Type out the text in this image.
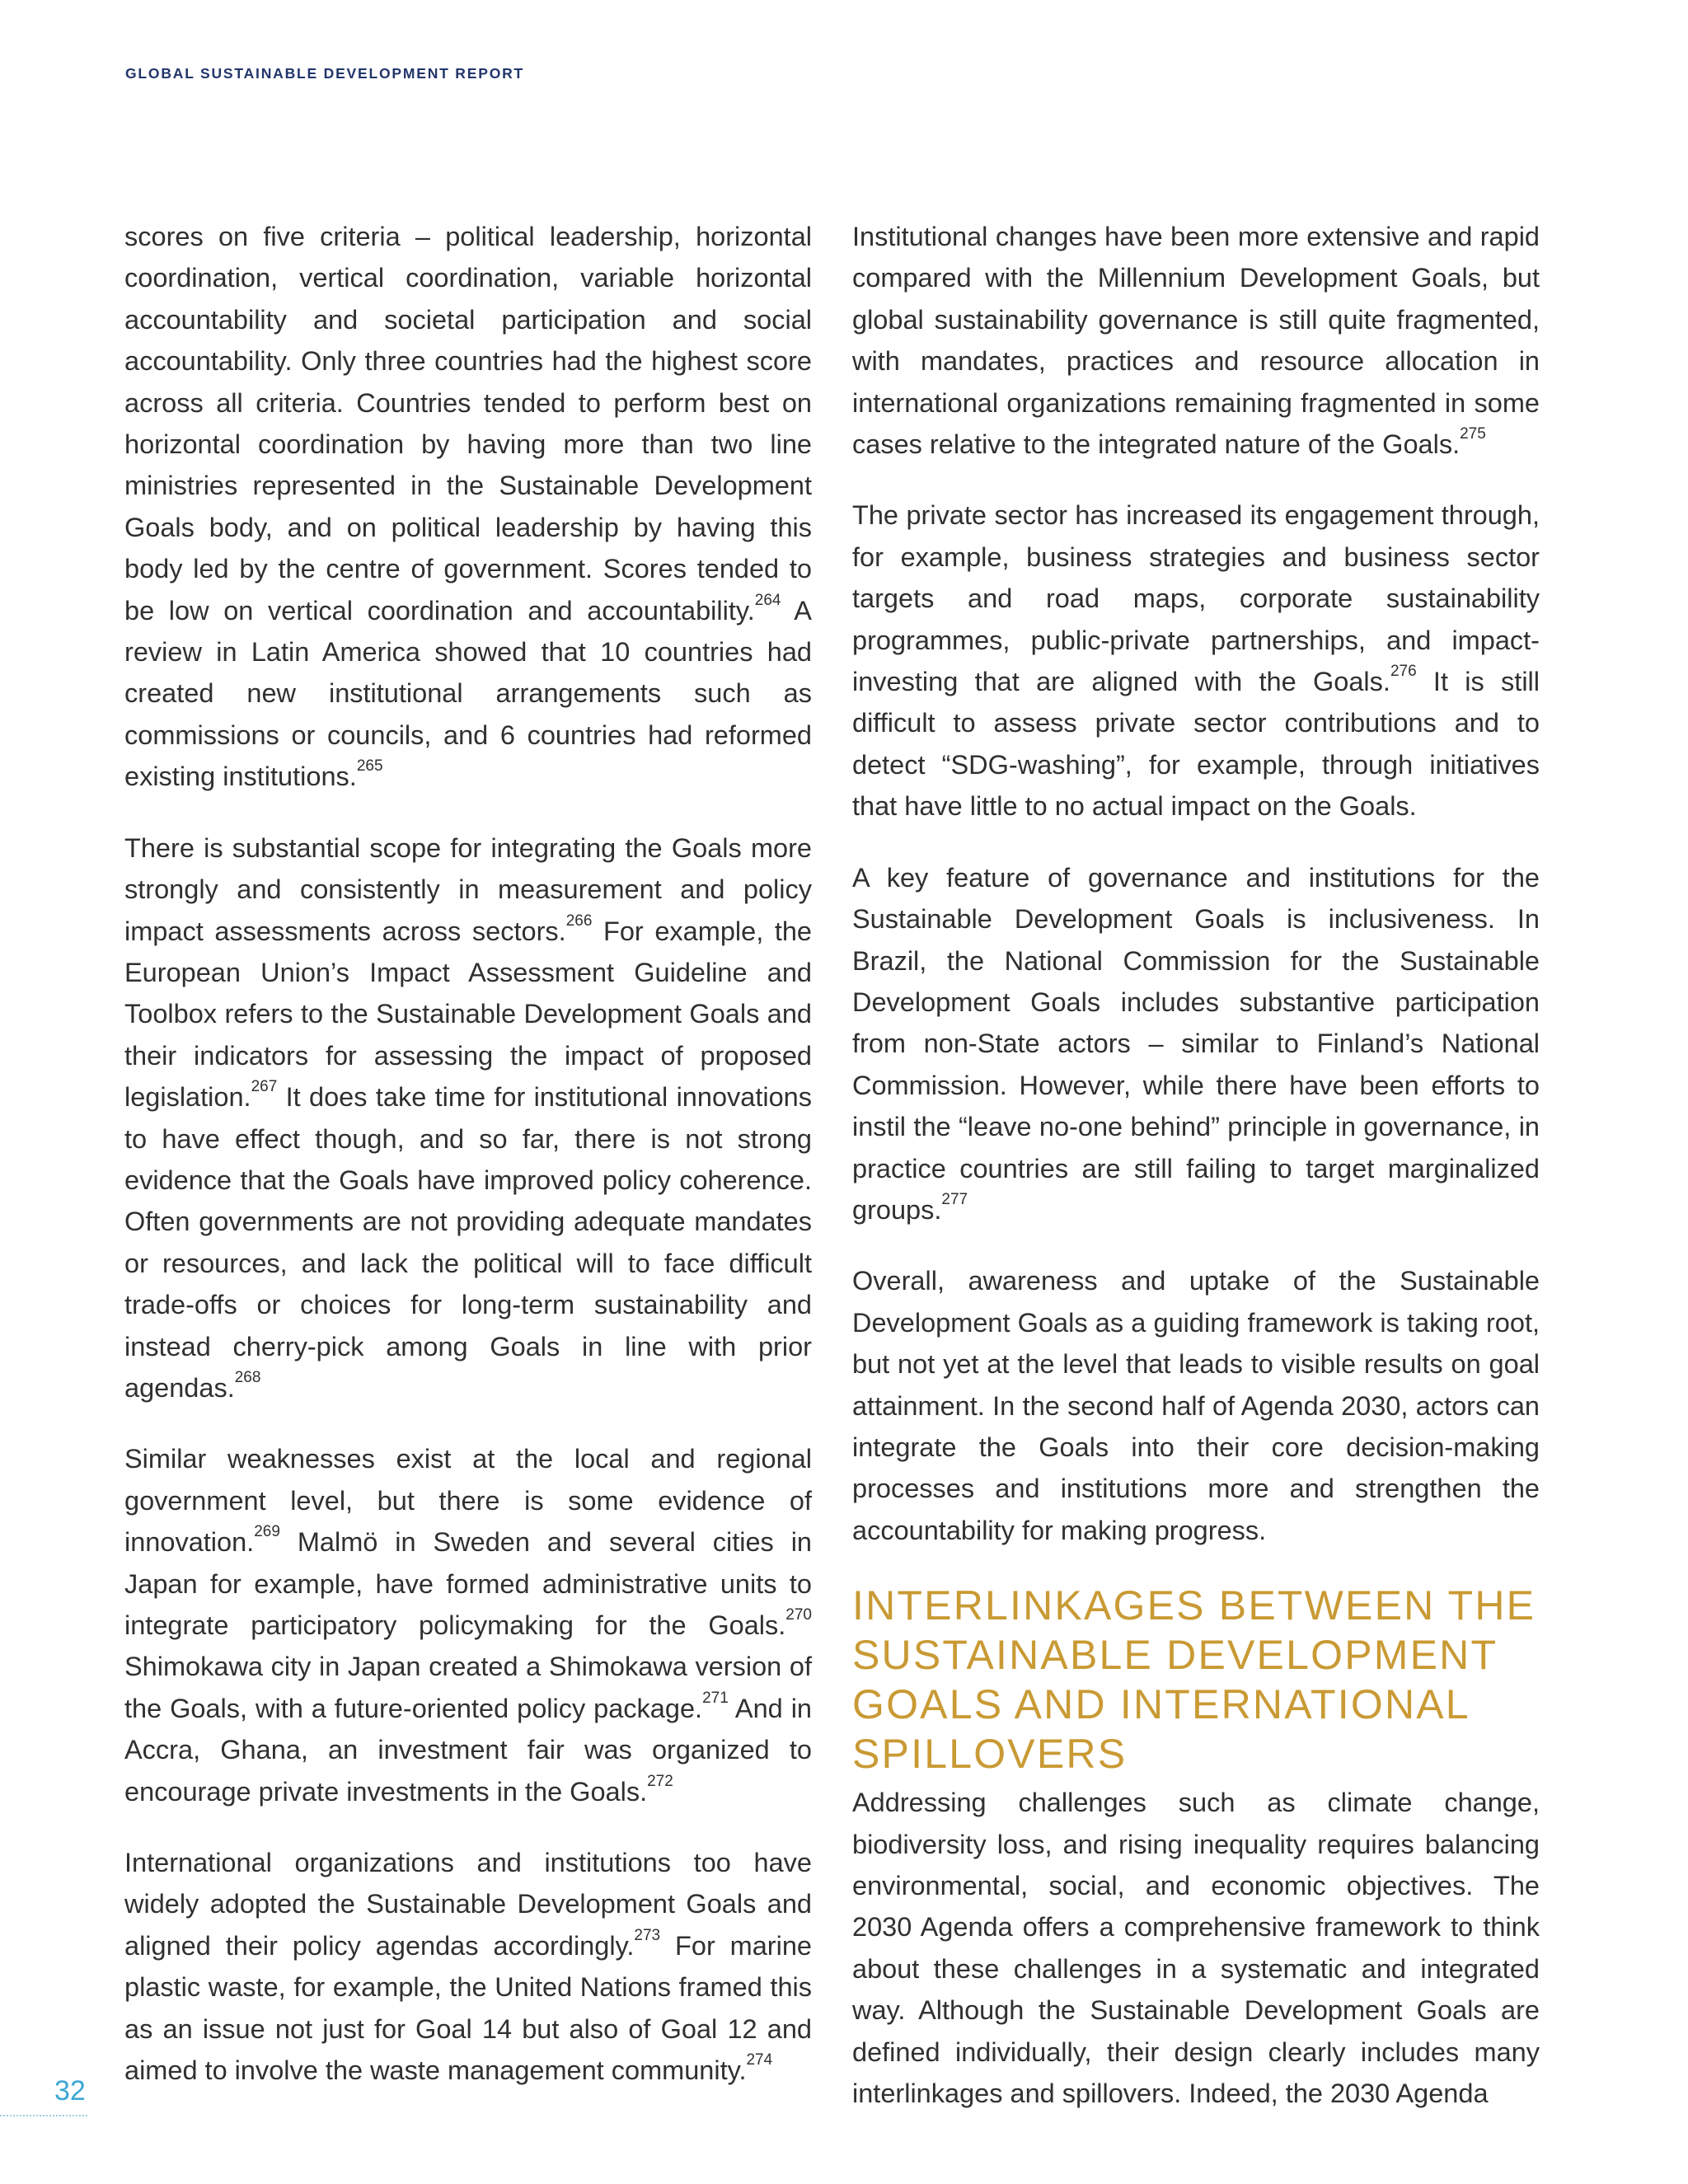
GLOBAL SUSTAINABLE DEVELOPMENT REPORT

scores on five criteria – political leadership, horizontal coordination, vertical coordination, variable horizontal accountability and societal participation and social accountability. Only three countries had the highest score across all criteria. Countries tended to perform best on horizontal coordination by having more than two line ministries represented in the Sustainable Development Goals body, and on political leadership by having this body led by the centre of government. Scores tended to be low on vertical coordination and accountability.$^{264}$ A review in Latin America showed that 10 countries had created new institutional arrangements such as commissions or councils, and 6 countries had reformed existing institutions.$^{265}$

There is substantial scope for integrating the Goals more strongly and consistently in measurement and policy impact assessments across sectors.$^{266}$ For example, the European Union’s Impact Assessment Guideline and Toolbox refers to the Sustainable Development Goals and their indicators for assessing the impact of proposed legislation.$^{267}$ It does take time for institutional innovations to have effect though, and so far, there is not strong evidence that the Goals have improved policy coherence. Often governments are not providing adequate mandates or resources, and lack the political will to face difficult trade-offs or choices for long-term sustainability and instead cherry-pick among Goals in line with prior agendas.$^{268}$

Similar weaknesses exist at the local and regional government level, but there is some evidence of innovation.$^{269}$ Malmö in Sweden and several cities in Japan for example, have formed administrative units to integrate participatory policymaking for the Goals.$^{270}$ Shimokawa city in Japan created a Shimokawa version of the Goals, with a future-oriented policy package.$^{271}$ And in Accra, Ghana, an investment fair was organized to encourage private investments in the Goals.$^{272}$

International organizations and institutions too have widely adopted the Sustainable Development Goals and aligned their policy agendas accordingly.$^{273}$ For marine plastic waste, for example, the United Nations framed this as an issue not just for Goal 14 but also of Goal 12 and aimed to involve the waste management community.$^{274}$

Institutional changes have been more extensive and rapid compared with the Millennium Development Goals, but global sustainability governance is still quite fragmented, with mandates, practices and resource allocation in international organizations remaining fragmented in some cases relative to the integrated nature of the Goals.$^{275}$

The private sector has increased its engagement through, for example, business strategies and business sector targets and road maps, corporate sustainability programmes, public-private partnerships, and impact-investing that are aligned with the Goals.$^{276}$ It is still difficult to assess private sector contributions and to detect “SDG-washing”, for example, through initiatives that have little to no actual impact on the Goals.

A key feature of governance and institutions for the Sustainable Development Goals is inclusiveness. In Brazil, the National Commission for the Sustainable Development Goals includes substantive participation from non-State actors – similar to Finland’s National Commission. However, while there have been efforts to instil the “leave no-one behind” principle in governance, in practice countries are still failing to target marginalized groups.$^{277}$

Overall, awareness and uptake of the Sustainable Development Goals as a guiding framework is taking root, but not yet at the level that leads to visible results on goal attainment. In the second half of Agenda 2030, actors can integrate the Goals into their core decision-making processes and institutions more and strengthen the accountability for making progress.

INTERLINKAGES BETWEEN THE SUSTAINABLE DEVELOPMENT GOALS AND INTERNATIONAL SPILLOVERS

Addressing challenges such as climate change, biodiversity loss, and rising inequality requires balancing environmental, social, and economic objectives. The 2030 Agenda offers a comprehensive framework to think about these challenges in a systematic and integrated way. Although the Sustainable Development Goals are defined individually, their design clearly includes many interlinkages and spillovers. Indeed, the 2030 Agenda

32
